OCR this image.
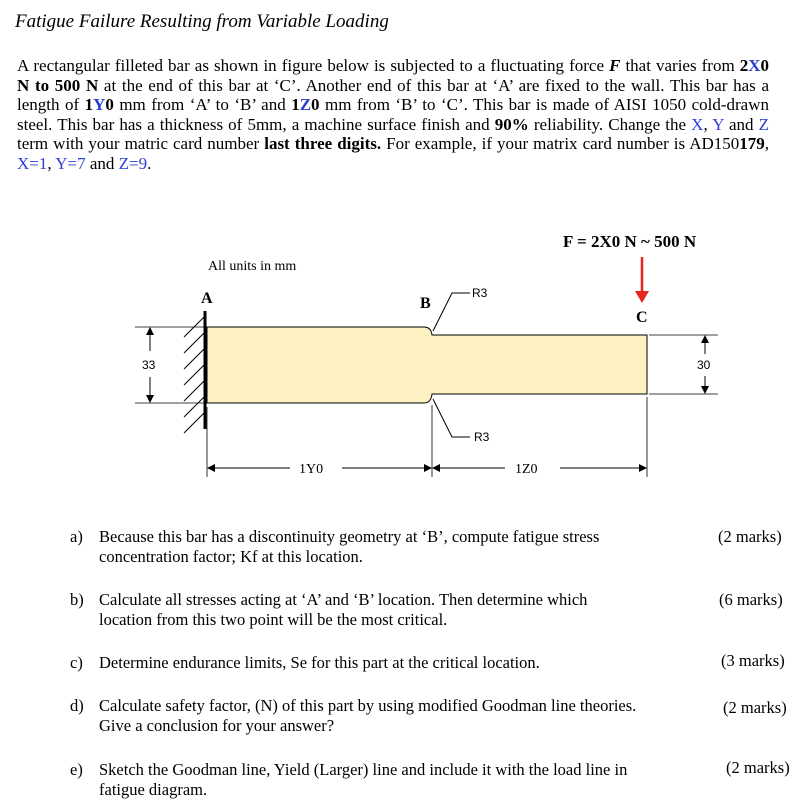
Fatigue Failure Resulting from Variable Loading
A rectangular filleted bar as shown in figure below is subjected to a fluctuating force F that varies from 2X0 N to 500 N at the end of this bar at ‘C’. Another end of this bar at ‘A’ are fixed to the wall. This bar has a length of 1Y0 mm from ‘A’ to ‘B’ and 1Z0 mm from ‘B’ to ‘C’. This bar is made of AISI 1050 cold-drawn steel. This bar has a thickness of 5mm, a machine surface finish and 90% reliability. Change the X, Y and Z term with your matric card number last three digits. For example, if your matrix card number is AD150179, X=1, Y=7 and Z=9.
F = 2X0 N ~ 500 N
All units in mm
A	B
C
R3
R3
33	30
1Y0	1Z0
a) Because this bar has a discontinuity geometry at ‘B’, compute fatigue stress
concentration factor; Kf at this location.
(2 marks)
b) Calculate all stresses acting at ‘A’ and ‘B’ location. Then determine which
location from this two point will be the most critical.
(6 marks)
c) Determine endurance limits, Se for this part at the critical location.	(3 marks)
d) Calculate safety factor, (N) of this part by using modified Goodman line theories.
Give a conclusion for your answer?
(2 marks)
e) Sketch the Goodman line, Yield (Larger) line and include it with the load line in
fatigue diagram.
(2 marks)
